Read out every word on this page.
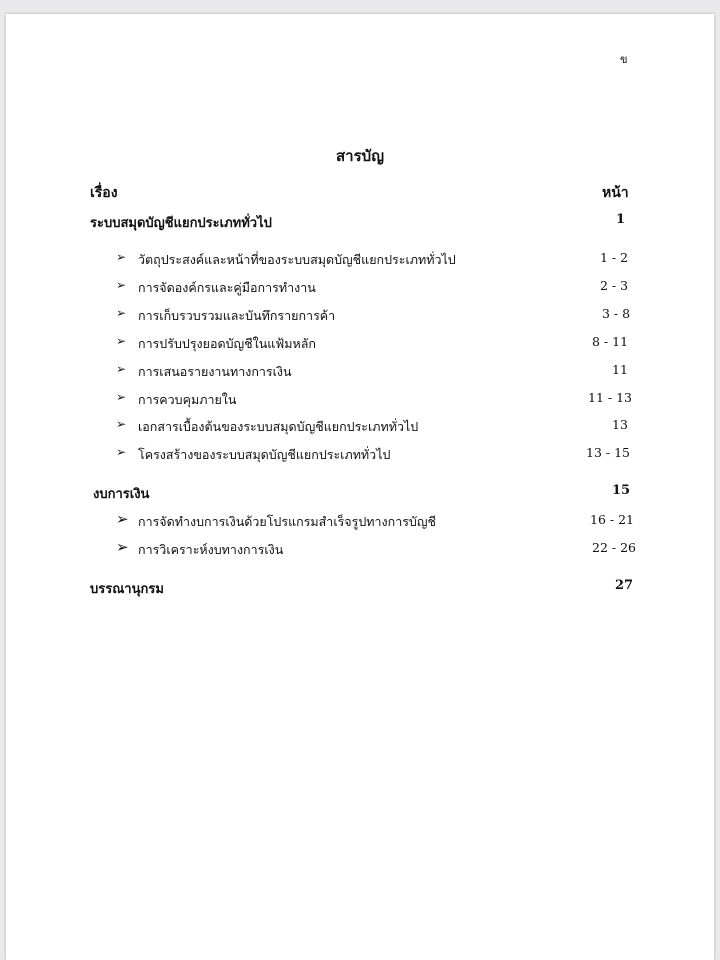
ข
สารบัญ
เรื่อง	หน้า
ระบบสมุดบัญชีแยกประเภททั่วไป	1
➢ วัตถุประสงค์และหน้าที่ของระบบสมุดบัญชีแยกประเภททั่วไป	1 - 2
➢ การจัดองค์กรและคู่มือการทำงาน	2 - 3
➢ การเก็บรวบรวมและบันทึกรายการค้า	3 - 8
➢ การปรับปรุงยอดบัญชีในแฟ้มหลัก	8 - 11
➢ การเสนอรายงานทางการเงิน	11
➢ การควบคุมภายใน	11 - 13
➢ เอกสารเบื้องต้นของระบบสมุดบัญชีแยกประเภททั่วไป	13
➢ โครงสร้างของระบบสมุดบัญชีแยกประเภททั่วไป	13 - 15
งบการเงิน	15
➢ การจัดทำงบการเงินด้วยโปรแกรมสำเร็จรูปทางการบัญชี	16 - 21
➢ การวิเคราะห์งบทางการเงิน	22 - 26
บรรณานุกรม	27
